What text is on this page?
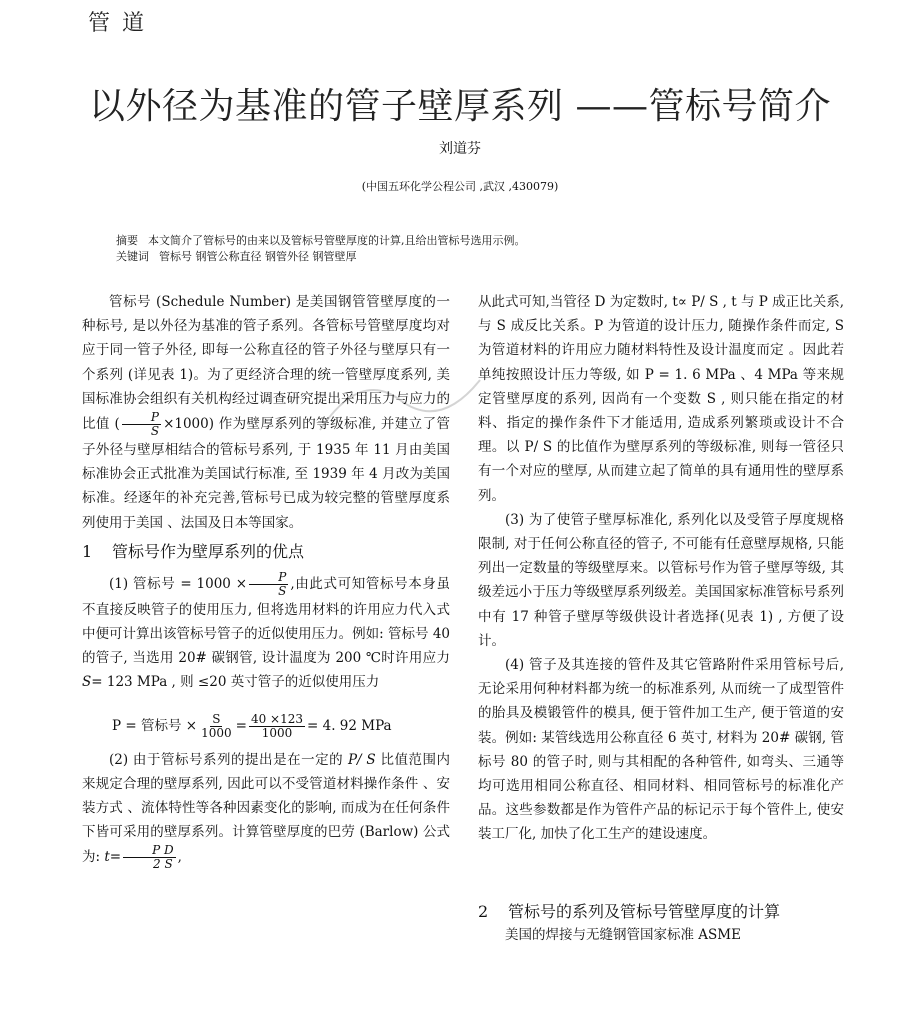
管道
以外径为基准的管子壁厚系列 ——管标号简介
刘道芬
(中国五环化学公程公司 ,武汉 ,430079)
摘要 本文简介了管标号的由来以及管标号管壁厚度的计算,且给出管标号选用示例。
关键词 管标号 钢管公称直径 钢管外径 钢管壁厚

管标号 (Schedule Number) 是美国钢管管壁厚度的一种标号, 是以外径为基准的管子系列。各管标号管壁厚度均对应于同一管子外径, 即每一公称直径的管子外径与壁厚只有一个系列 (详见表 1)。为了更经济合理的统一管壁厚度系列, 美国标准协会组织有关机构经过调查研究提出采用压力与应力的比值 ( $\frac{P}{S} \times 1000$) 作为壁厚系列的等级标准, 并建立了管子外径与壁厚相结合的管标号系列, 于 1935 年 11 月由美国标准协会正式批准为美国试行标准, 至 1939 年 4 月改为美国标准。经逐年的补充完善,管标号已成为较完整的管壁厚度系列使用于美国 、法国及日本等国家。

1 管标号作为壁厚系列的优点

(1) 管标号 = $1000 \times \frac{P}{S}$ ,由此式可知管标号本身虽不直接反映管子的使用压力, 但将选用材料的许用应力代入式中便可计算出该管标号管子的近似使用压力。例如: 管标号 40 的管子, 当选用 20# 碳钢管, 设计温度为 200 ℃时许用应力 S= 123 MPa , 则 ≤20 英寸管子的近似使用压力

P = 管标号 × $\frac{S}{1000} = \frac{40 \times 123}{1000} = 4$. 92 MPa

(2) 由于管标号系列的提出是在一定的 P/ S 比值范围内来规定合理的壁厚系列, 因此可以不受管道材料操作条件 、安装方式 、流体特性等各种因素变化的影响, 而成为在任何条件下皆可采用的壁厚系列。计算管壁厚度的巴劳 (Barlow) 公式为: $t= \frac{\text{P D}}{2 S}$ ,

从此式可知,当管径 D 为定数时, t∝ P/ S , t 与 P 成正比关系,与 S 成反比关系。P 为管道的设计压力, 随操作条件而定, S 为管道材料的许用应力随材料特性及设计温度而定 。因此若单纯按照设计压力等级, 如 P = 1. 6 MPa 、4 MPa 等来规定管壁厚度的系列, 因尚有一个变数 S , 则只能在指定的材料、指定的操作条件下才能适用, 造成系列繁琐或设计不合理。以 P/ S 的比值作为壁厚系列的等级标准, 则每一管径只有一个对应的壁厚, 从而建立起了简单的具有通用性的壁厚系列。

(3) 为了使管子壁厚标准化, 系列化以及受管子厚度规格限制, 对于任何公称直径的管子, 不可能有任意壁厚规格, 只能列出一定数量的等级壁厚来。以管标号作为管子壁厚等级, 其级差远小于压力等级壁厚系列级差。美国国家标准管标号系列中有 17 种管子壁厚等级供设计者选择(见表 1) , 方便了设计。

(4) 管子及其连接的管件及其它管路附件采用管标号后, 无论采用何种材料都为统一的标准系列, 从而统一了成型管件的胎具及模锻管件的模具, 便于管件加工生产, 便于管道的安装。例如: 某管线选用公称直径 6 英寸, 材料为 20# 碳钢, 管标号 80 的管子时, 则与其相配的各种管件, 如弯头、三通等均可选用相同公称直径、相同材料、相同管标号的标准化产品。这些参数都是作为管件产品的标记示于每个管件上, 使安装工厂化, 加快了化工生产的建设速度。

2 管标号的系列及管标号管壁厚度的计算

美国的焊接与无缝钢管国家标准 ASME
